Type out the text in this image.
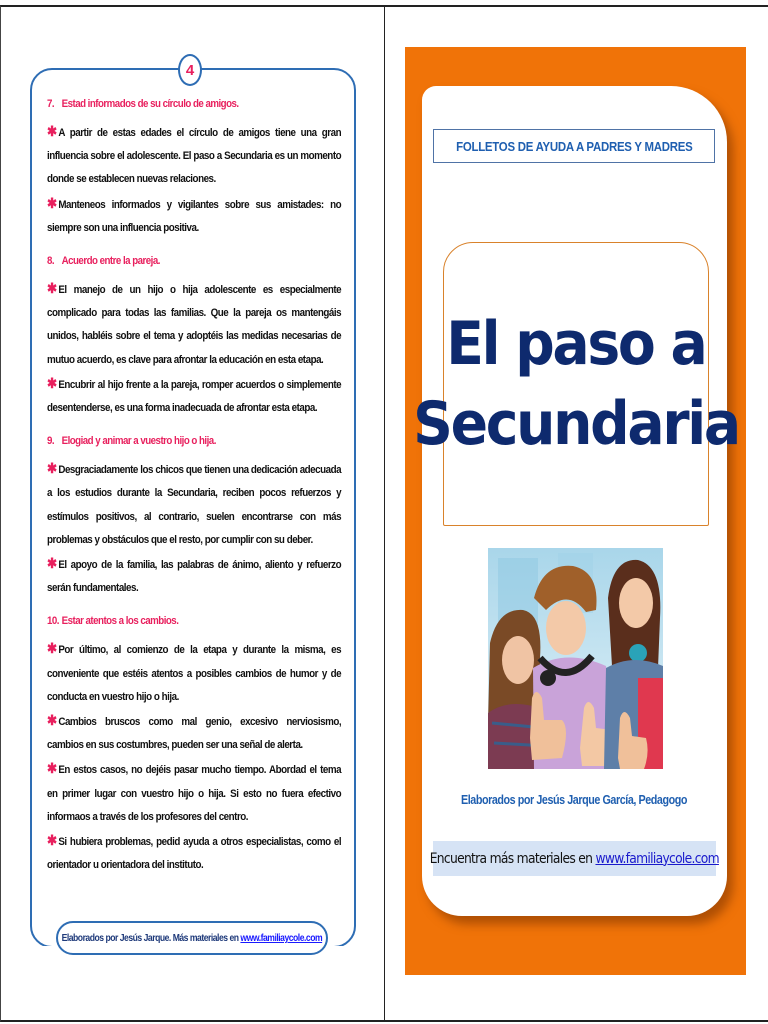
4
7. Estad informados de su círculo de amigos.

✱ A partir de estas edades el círculo de amigos tiene una gran influencia sobre el adolescente. El paso a Secundaria es un momento donde se establecen nuevas relaciones.

✱ Manteneos informados y vigilantes sobre sus amistades: no siempre son una influencia positiva.

8. Acuerdo entre la pareja.

✱ El manejo de un hijo o hija adolescente es especialmente complicado para todas las familias. Que la pareja os mantengáis unidos, habléis sobre el tema y adoptéis las medidas necesarias de mutuo acuerdo, es clave para afrontar la educación en esta etapa.

✱ Encubrir al hijo frente a la pareja, romper acuerdos o simplemente desentenderse, es una forma inadecuada de afrontar esta etapa.

9. Elogiad y animar a vuestro hijo o hija.

✱ Desgraciadamente los chicos que tienen una dedicación adecuada a los estudios durante la Secundaria, reciben pocos refuerzos y estímulos positivos, al contrario, suelen encontrarse con más problemas y obstáculos que el resto, por cumplir con su deber.

✱ El apoyo de la familia, las palabras de ánimo, aliento y refuerzo serán fundamentales.

10. Estar atentos a los cambios.

✱ Por último, al comienzo de la etapa y durante la misma, es conveniente que estéis atentos a posibles cambios de humor y de conducta en vuestro hijo o hija.

✱ Cambios bruscos como mal genio, excesivo nerviosismo, cambios en sus costumbres, pueden ser una señal de alerta.

✱ En estos casos, no dejéis pasar mucho tiempo. Abordad el tema en primer lugar con vuestro hijo o hija. Si esto no fuera efectivo informaos a través de los profesores del centro.

✱ Si hubiera problemas, pedid ayuda a otros especialistas, como el orientador u orientadora del instituto.

Elaborados por Jesús Jarque. Más materiales en www.familiaycole.com
FOLLETOS DE AYUDA A PADRES Y MADRES
El paso a
Secundaria
Elaborados por Jesús Jarque García, Pedagogo
Encuentra más materiales en www.familiaycole.com
